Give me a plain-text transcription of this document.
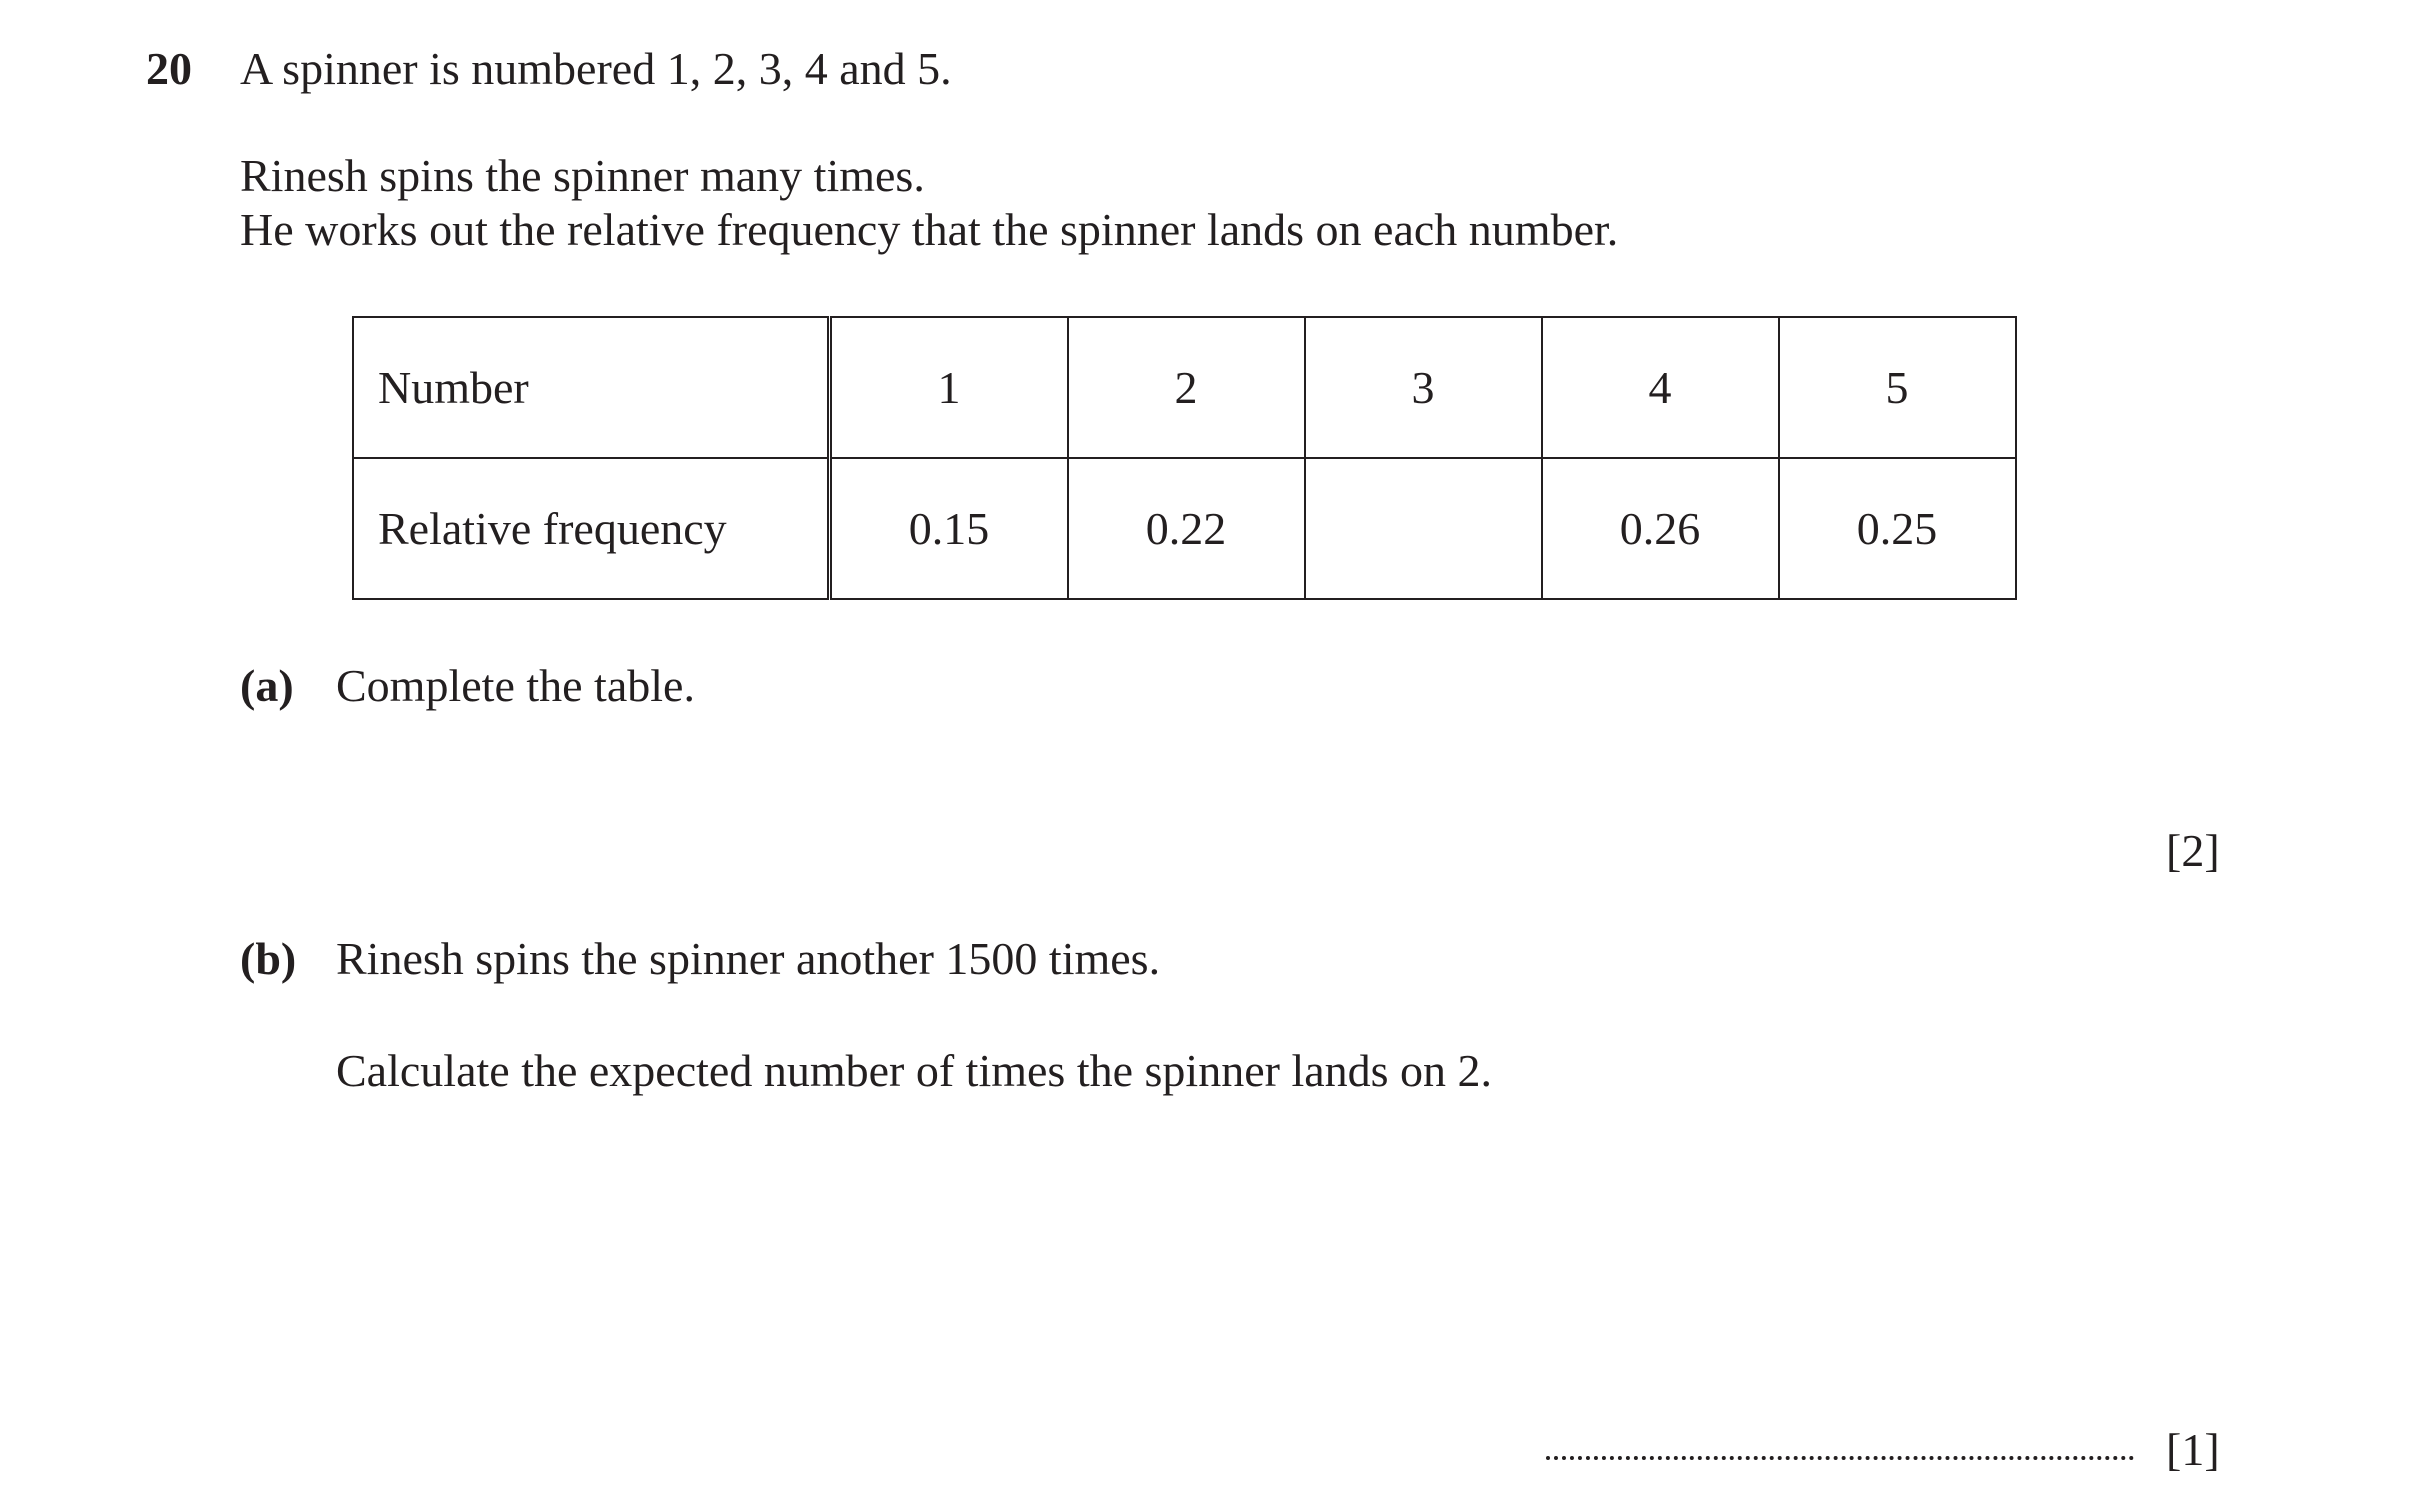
20 A spinner is numbered 1, 2, 3, 4 and 5.
Rinesh spins the spinner many times.
He works out the relative frequency that the spinner lands on each number.
Number	1	2	3	4	5
Relative frequency	0.15	0.22		0.26	0.25
(a) Complete the table.
[2]
(b) Rinesh spins the spinner another 1500 times.
Calculate the expected number of times the spinner lands on 2.
[1]
